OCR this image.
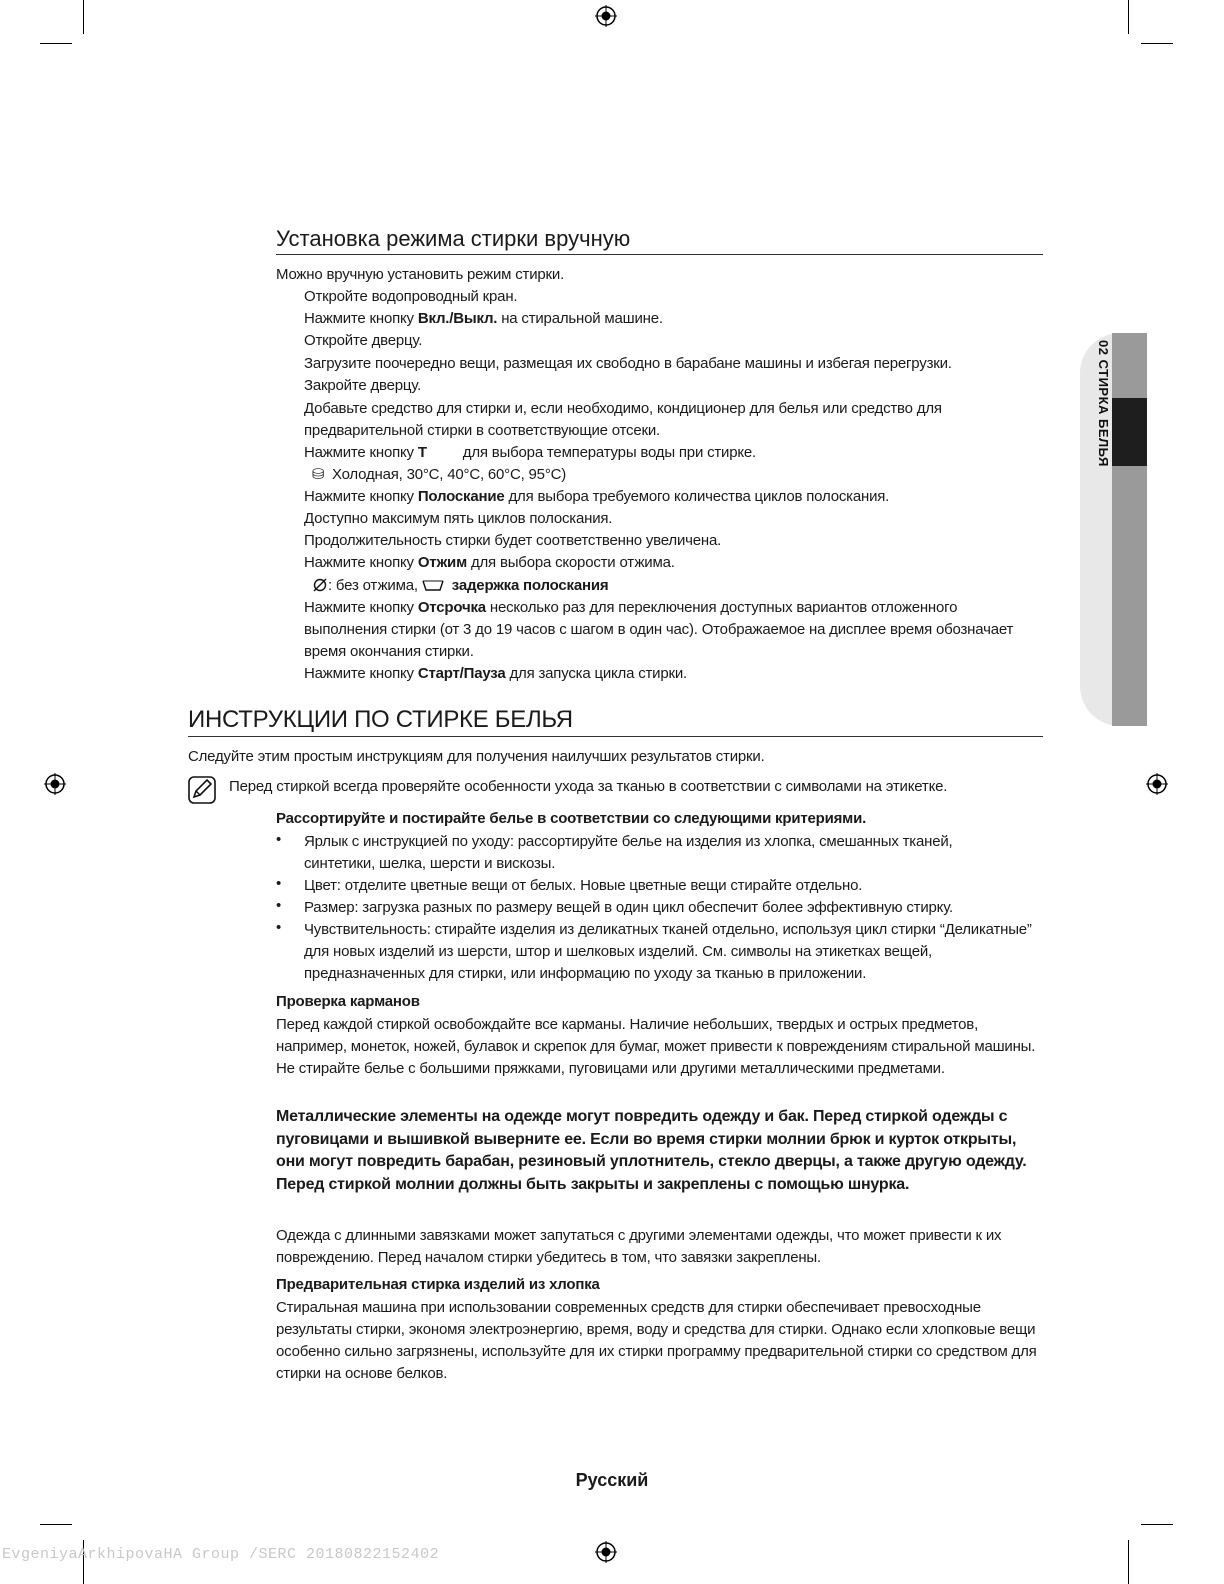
02 СТИРКА БЕЛЬЯ
Установка режима стирки вручную
Можно вручную установить режим стирки.
Откройте водопроводный кран.
Нажмите кнопку Вкл./Выкл. на стиральной машине.
Откройте дверцу.
Загрузите поочередно вещи, размещая их свободно в барабане машины и избегая перегрузки.
Закройте дверцу.
Добавьте средство для стирки и, если необходимо, кондиционер для белья или средство для предварительной стирки в соответствующие отсеки.
Нажмите кнопку Т для выбора температуры воды при стирке.
⛁ Холодная, 30°C, 40°C, 60°C, 95°C)
Нажмите кнопку Полоскание для выбора требуемого количества циклов полоскания.
Доступно максимум пять циклов полоскания.
Продолжительность стирки будет соответственно увеличена.
Нажмите кнопку Отжим для выбора скорости отжима.
: без отжима, задержка полоскания
Нажмите кнопку Отсрочка несколько раз для переключения доступных вариантов отложенного выполнения стирки (от 3 до 19 часов с шагом в один час). Отображаемое на дисплее время обозначает время окончания стирки.
Нажмите кнопку Старт/Пауза для запуска цикла стирки.
ИНСТРУКЦИИ ПО СТИРКЕ БЕЛЬЯ
Следуйте этим простым инструкциям для получения наилучших результатов стирки.
Перед стиркой всегда проверяйте особенности ухода за тканью в соответствии с символами на этикетке.
Рассортируйте и постирайте белье в соответствии со следующими критериями.
• Ярлык с инструкцией по уходу: рассортируйте белье на изделия из хлопка, смешанных тканей, синтетики, шелка, шерсти и вискозы.
• Цвет: отделите цветные вещи от белых. Новые цветные вещи стирайте отдельно.
• Размер: загрузка разных по размеру вещей в один цикл обеспечит более эффективную стирку.
• Чувствительность: стирайте изделия из деликатных тканей отдельно, используя цикл стирки “Деликатные” для новых изделий из шерсти, штор и шелковых изделий. См. символы на этикетках вещей, предназначенных для стирки, или информацию по уходу за тканью в приложении.
Проверка карманов
Перед каждой стиркой освобождайте все карманы. Наличие небольших, твердых и острых предметов, например, монеток, ножей, булавок и скрепок для бумаг, может привести к повреждениям стиральной машины. Не стирайте белье с большими пряжками, пуговицами или другими металлическими предметами.
Металлические элементы на одежде могут повредить одежду и бак. Перед стиркой одежды с пуговицами и вышивкой выверните ее. Если во время стирки молнии брюк и курток открыты, они могут повредить барабан, резиновый уплотнитель, стекло дверцы, а также другую одежду. Перед стиркой молнии должны быть закрыты и закреплены с помощью шнурка.
Одежда с длинными завязками может запутаться с другими элементами одежды, что может привести к их повреждению. Перед началом стирки убедитесь в том, что завязки закреплены.
Предварительная стирка изделий из хлопка
Стиральная машина при использовании современных средств для стирки обеспечивает превосходные результаты стирки, экономя электроэнергию, время, воду и средства для стирки. Однако если хлопковые вещи особенно сильно загрязнены, используйте для их стирки программу предварительной стирки со средством для стирки на основе белков.
Русский
EvgeniyaArkhipovaHA Group /SERC 20180822152402
